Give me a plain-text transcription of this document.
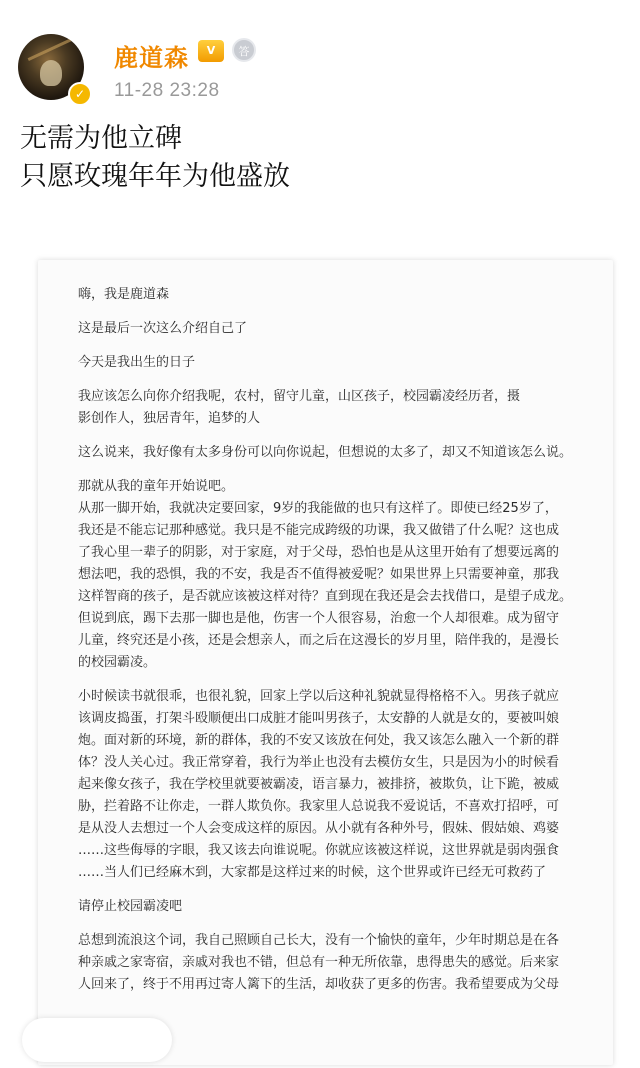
✓
鹿道森	V	答
11-28 23:28
无需为他立碑
只愿玫瑰年年为他盛放
嗨，我是鹿道森
这是最后一次这么介绍自己了
今天是我出生的日子
我应该怎么向你介绍我呢，农村，留守儿童，山区孩子，校园霸凌经历者，摄
影创作人，独居青年，追梦的人
这么说来，我好像有太多身份可以向你说起，但想说的太多了，却又不知道该怎么说。
那就从我的童年开始说吧。
从那一脚开始，我就决定要回家，9岁的我能做的也只有这样了。即使已经25岁了，
我还是不能忘记那种感觉。我只是不能完成跨级的功课，我又做错了什么呢？这也成
了我心里一辈子的阴影，对于家庭，对于父母，恐怕也是从这里开始有了想要远离的
想法吧，我的恐惧，我的不安，我是否不值得被爱呢？如果世界上只需要神童，那我
这样智商的孩子，是否就应该被这样对待？直到现在我还是会去找借口，是望子成龙。
但说到底，踢下去那一脚也是他，伤害一个人很容易，治愈一个人却很难。成为留守
儿童，终究还是小孩，还是会想亲人，而之后在这漫长的岁月里，陪伴我的，是漫长
的校园霸凌。
小时候读书就很乖，也很礼貌，回家上学以后这种礼貌就显得格格不入。男孩子就应
该调皮捣蛋，打架斗殴顺便出口成脏才能叫男孩子，太安静的人就是女的，要被叫娘
炮。面对新的环境，新的群体，我的不安又该放在何处，我又该怎么融入一个新的群
体？没人关心过。我正常穿着，我行为举止也没有去模仿女生，只是因为小的时候看
起来像女孩子，我在学校里就要被霸凌，语言暴力，被排挤，被欺负，让下跪，被威
胁，拦着路不让你走，一群人欺负你。我家里人总说我不爱说话，不喜欢打招呼，可
是从没人去想过一个人会变成这样的原因。从小就有各种外号，假妹、假姑娘、鸡婆
……这些侮辱的字眼，我又该去向谁说呢。你就应该被这样说，这世界就是弱肉强食
……当人们已经麻木到，大家都是这样过来的时候，这个世界或许已经无可救药了
请停止校园霸凌吧
总想到流浪这个词，我自己照顾自己长大，没有一个愉快的童年，少年时期总是在各
种亲戚之家寄宿，亲戚对我也不错，但总有一种无所依靠，患得患失的感觉。后来家
人回来了，终于不用再过寄人篱下的生活，却收获了更多的伤害。我希望要成为父母
